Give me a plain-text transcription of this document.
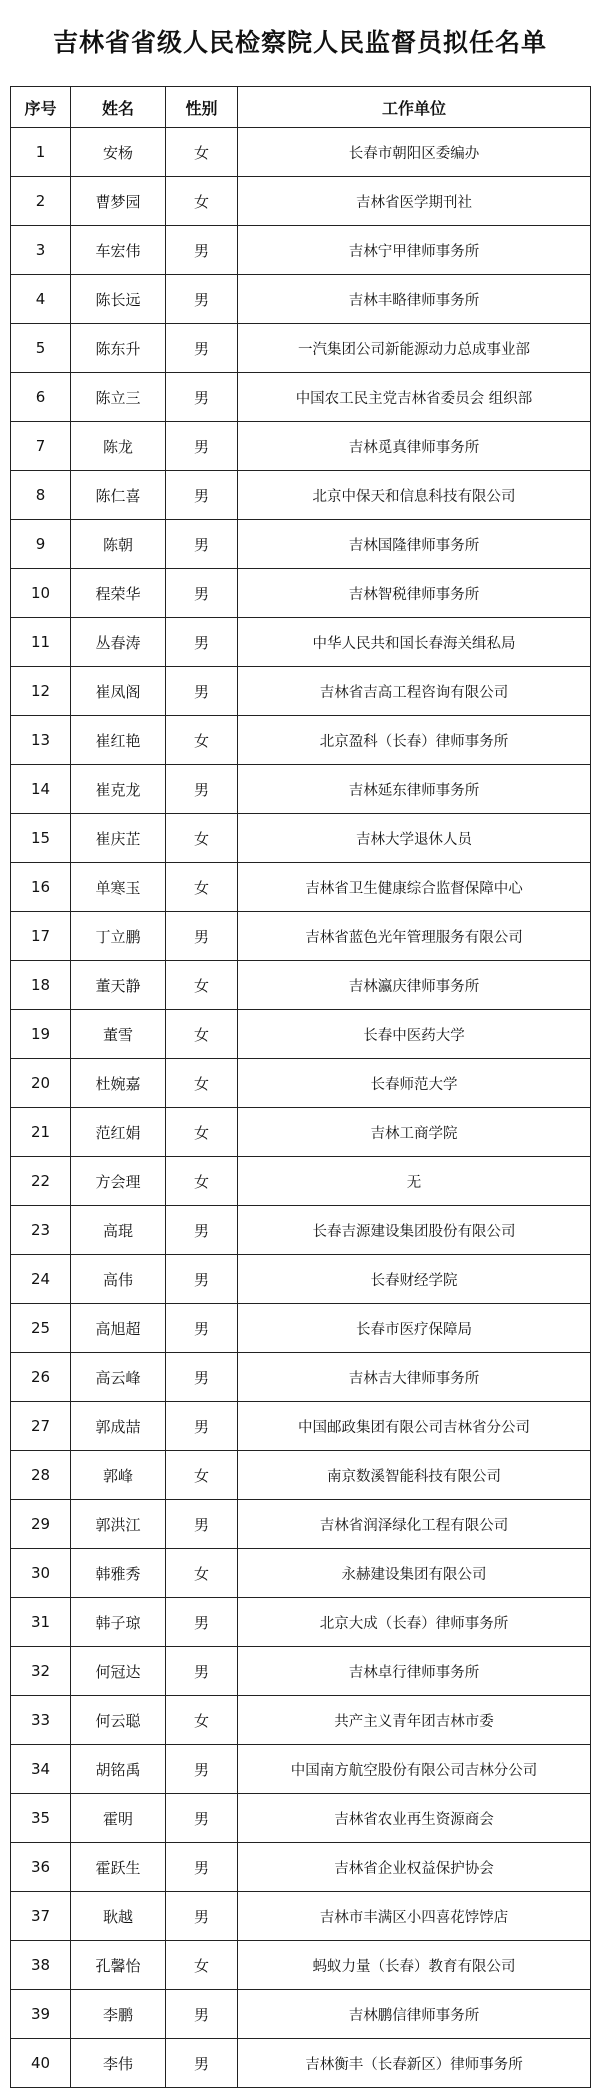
吉林省省级人民检察院人民监督员拟任名单
序号	姓名	性别	工作单位
1	安杨	女	长春市朝阳区委编办
2	曹梦园	女	吉林省医学期刊社
3	车宏伟	男	吉林宁甲律师事务所
4	陈长远	男	吉林丰略律师事务所
5	陈东升	男	一汽集团公司新能源动力总成事业部
6	陈立三	男	中国农工民主党吉林省委员会 组织部
7	陈龙	男	吉林觅真律师事务所
8	陈仁喜	男	北京中保天和信息科技有限公司
9	陈朝	男	吉林国隆律师事务所
10	程荣华	男	吉林智税律师事务所
11	丛春涛	男	中华人民共和国长春海关缉私局
12	崔凤阁	男	吉林省吉高工程咨询有限公司
13	崔红艳	女	北京盈科（长春）律师事务所
14	崔克龙	男	吉林延东律师事务所
15	崔庆芷	女	吉林大学退休人员
16	单寒玉	女	吉林省卫生健康综合监督保障中心
17	丁立鹏	男	吉林省蓝色光年管理服务有限公司
18	董天静	女	吉林瀛庆律师事务所
19	董雪	女	长春中医药大学
20	杜婉嘉	女	长春师范大学
21	范红娟	女	吉林工商学院
22	方会理	女	无
23	高琨	男	长春吉源建设集团股份有限公司
24	高伟	男	长春财经学院
25	高旭超	男	长春市医疗保障局
26	高云峰	男	吉林吉大律师事务所
27	郭成喆	男	中国邮政集团有限公司吉林省分公司
28	郭峰	女	南京数溪智能科技有限公司
29	郭洪江	男	吉林省润泽绿化工程有限公司
30	韩雅秀	女	永赫建设集团有限公司
31	韩子琼	男	北京大成（长春）律师事务所
32	何冠达	男	吉林卓行律师事务所
33	何云聪	女	共产主义青年团吉林市委
34	胡铭禹	男	中国南方航空股份有限公司吉林分公司
35	霍明	男	吉林省农业再生资源商会
36	霍跃生	男	吉林省企业权益保护协会
37	耿越	男	吉林市丰满区小四喜花饽饽店
38	孔馨怡	女	蚂蚁力量（长春）教育有限公司
39	李鹏	男	吉林鹏信律师事务所
40	李伟	男	吉林衡丰（长春新区）律师事务所
